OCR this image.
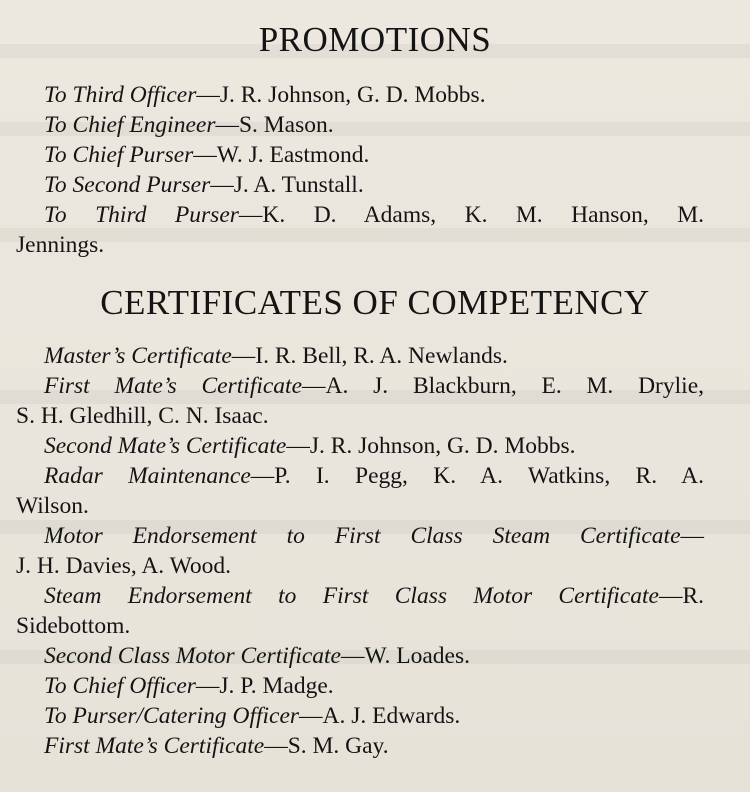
PROMOTIONS
To Third Officer—J. R. Johnson, G. D. Mobbs.
To Chief Engineer—S. Mason.
To Chief Purser—W. J. Eastmond.
To Second Purser—J. A. Tunstall.
To Third Purser—K. D. Adams, K. M. Hanson, M.
Jennings.
CERTIFICATES OF COMPETENCY
Master’s Certificate—I. R. Bell, R. A. Newlands.
First Mate’s Certificate—A. J. Blackburn, E. M. Drylie,
S. H. Gledhill, C. N. Isaac.
Second Mate’s Certificate—J. R. Johnson, G. D. Mobbs.
Radar Maintenance—P. I. Pegg, K. A. Watkins, R. A.
Wilson.
Motor Endorsement to First Class Steam Certificate—
J. H. Davies, A. Wood.
Steam Endorsement to First Class Motor Certificate—R.
Sidebottom.
Second Class Motor Certificate—W. Loades.
To Chief Officer—J. P. Madge.
To Purser/Catering Officer—A. J. Edwards.
First Mate’s Certificate—S. M. Gay.
